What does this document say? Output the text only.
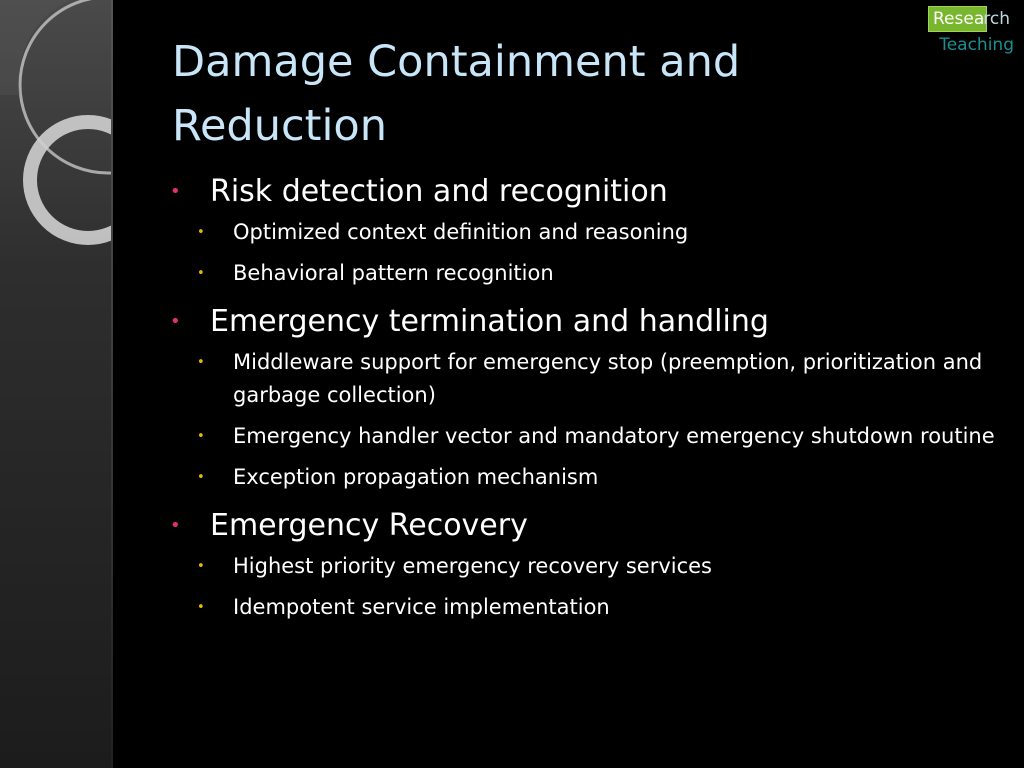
Research
Teaching
Damage Containment and Reduction

• Risk detection and recognition

• Optimized context definition and reasoning

• Behavioral pattern recognition

• Emergency termination and handling

• Middleware support for emergency stop (preemption, prioritization and garbage collection)

• Emergency handler vector and mandatory emergency shutdown routine

• Exception propagation mechanism

• Emergency Recovery

• Highest priority emergency recovery services

• Idempotent service implementation
